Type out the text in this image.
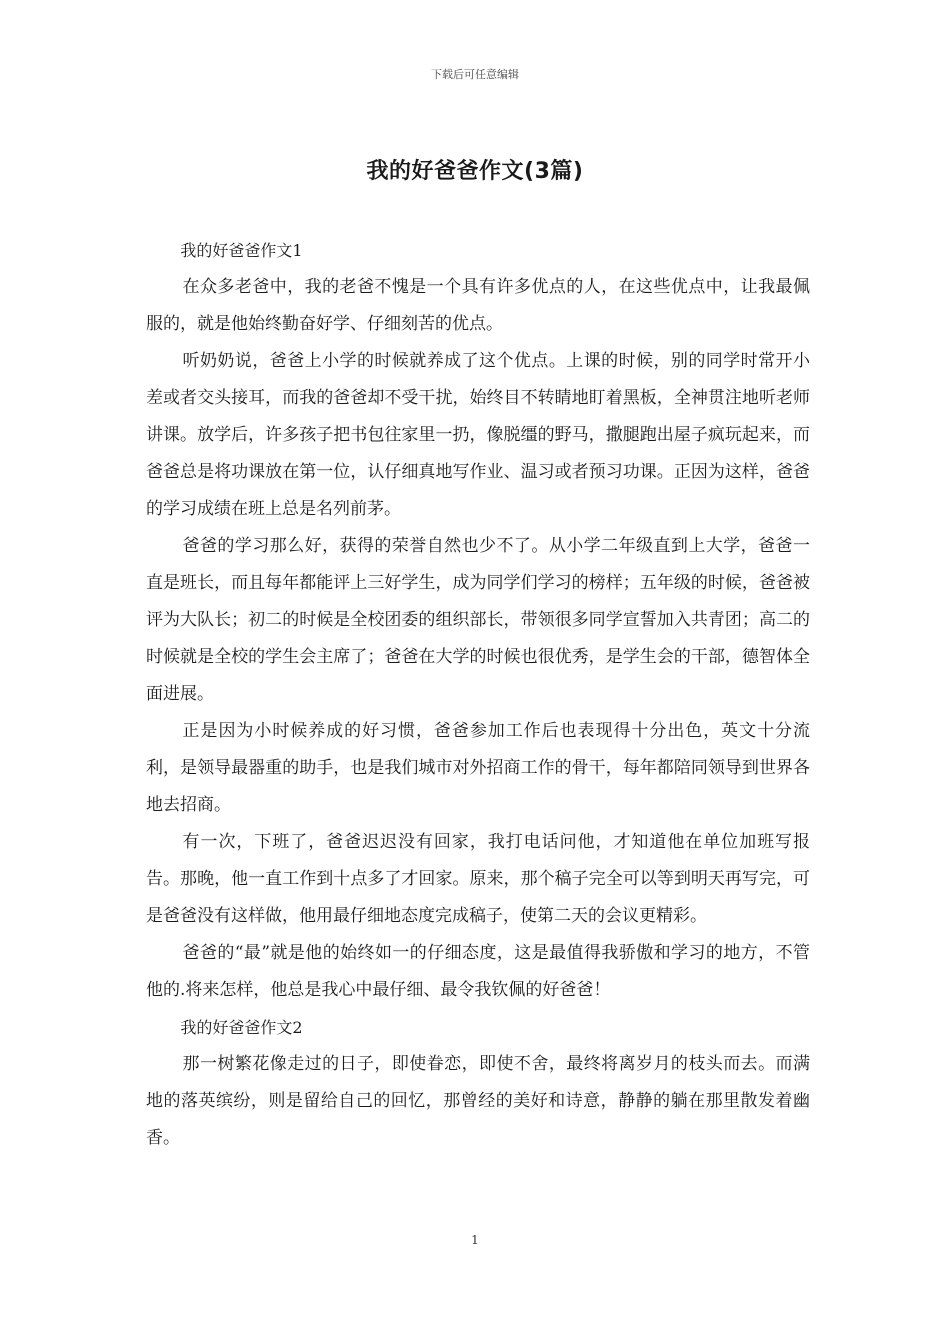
下载后可任意编辑
我的好爸爸作文(3篇)

我的好爸爸作文1

在众多老爸中，我的老爸不愧是一个具有许多优点的人，在这些优点中，让我最佩服的，就是他始终勤奋好学、仔细刻苦的优点。

听奶奶说，爸爸上小学的时候就养成了这个优点。上课的时候，别的同学时常开小差或者交头接耳，而我的爸爸却不受干扰，始终目不转睛地盯着黑板，全神贯注地听老师讲课。放学后，许多孩子把书包往家里一扔，像脱缰的野马，撒腿跑出屋子疯玩起来，而爸爸总是将功课放在第一位，认仔细真地写作业、温习或者预习功课。正因为这样，爸爸的学习成绩在班上总是名列前茅。

爸爸的学习那么好，获得的荣誉自然也少不了。从小学二年级直到上大学，爸爸一直是班长，而且每年都能评上三好学生，成为同学们学习的榜样；五年级的时候，爸爸被评为大队长；初二的时候是全校团委的组织部长，带领很多同学宣誓加入共青团；高二的时候就是全校的学生会主席了；爸爸在大学的时候也很优秀，是学生会的干部，德智体全面进展。

正是因为小时候养成的好习惯，爸爸参加工作后也表现得十分出色，英文十分流利，是领导最器重的助手，也是我们城市对外招商工作的骨干，每年都陪同领导到世界各地去招商。

有一次，下班了，爸爸迟迟没有回家，我打电话问他，才知道他在单位加班写报告。那晚，他一直工作到十点多了才回家。原来，那个稿子完全可以等到明天再写完，可是爸爸没有这样做，他用最仔细地态度完成稿子，使第二天的会议更精彩。

爸爸的“最”就是他的始终如一的仔细态度，这是最值得我骄傲和学习的地方，不管他的.将来怎样，他总是我心中最仔细、最令我钦佩的好爸爸！

我的好爸爸作文2

那一树繁花像走过的日子，即使眷恋，即使不舍，最终将离岁月的枝头而去。而满地的落英缤纷，则是留给自己的回忆，那曾经的美好和诗意，静静的躺在那里散发着幽香。

1
